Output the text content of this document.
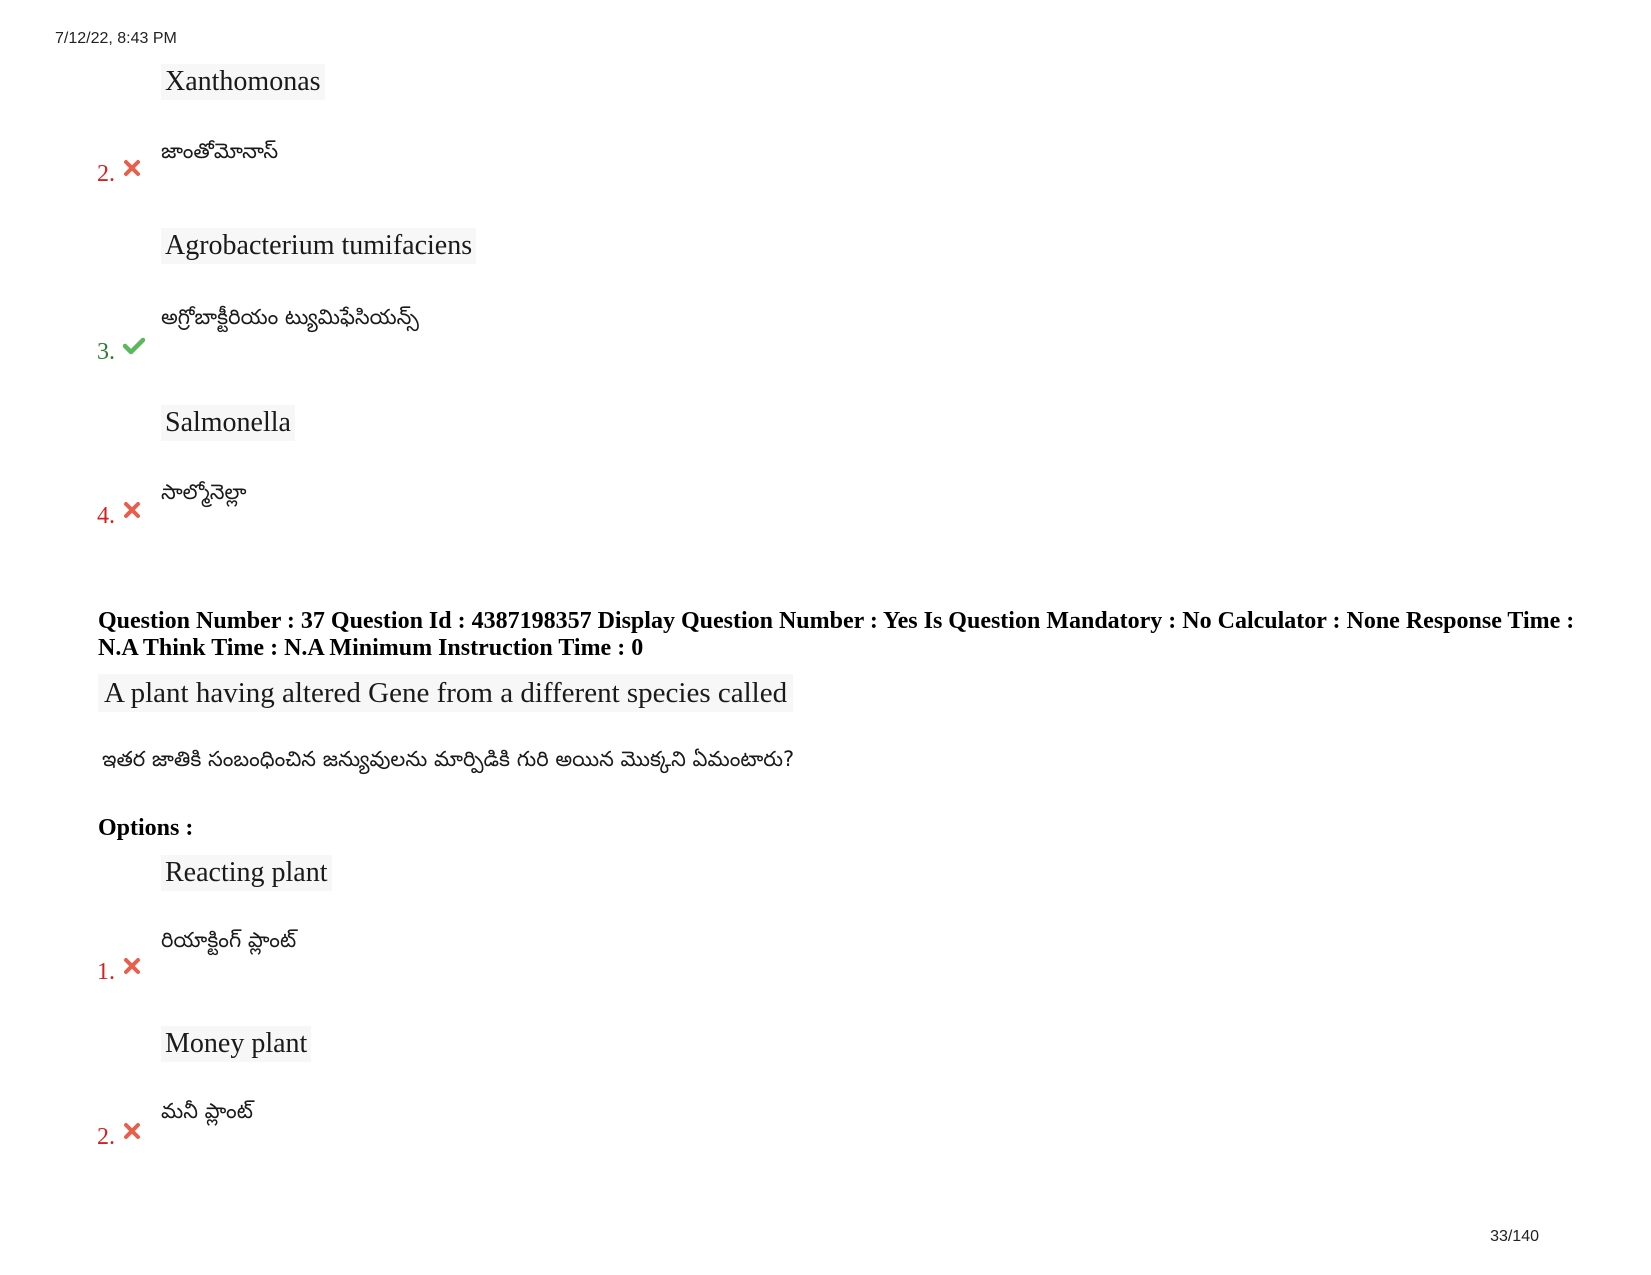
7/12/22, 8:43 PM
Xanthomonas
జాంతోమోనాస్
2.
Agrobacterium tumifaciens
అగ్రోబాక్టీరియం ట్యుమిఫేసియన్స్
3.
Salmonella
సాల్మోనెల్లా
4.
Question Number : 37 Question Id : 4387198357 Display Question Number : Yes Is Question Mandatory : No Calculator : None Response Time : N.A Think Time : N.A Minimum Instruction Time : 0
A plant having altered Gene from a different species called
ఇతర జాతికి సంబంధించిన జన్యువులను మార్పిడికి గురి అయిన మొక్కని ఏమంటారు?
Options :
Reacting plant
రియాక్టింగ్ ప్లాంట్
1.
Money plant
మనీ ప్లాంట్
2.
33/140
